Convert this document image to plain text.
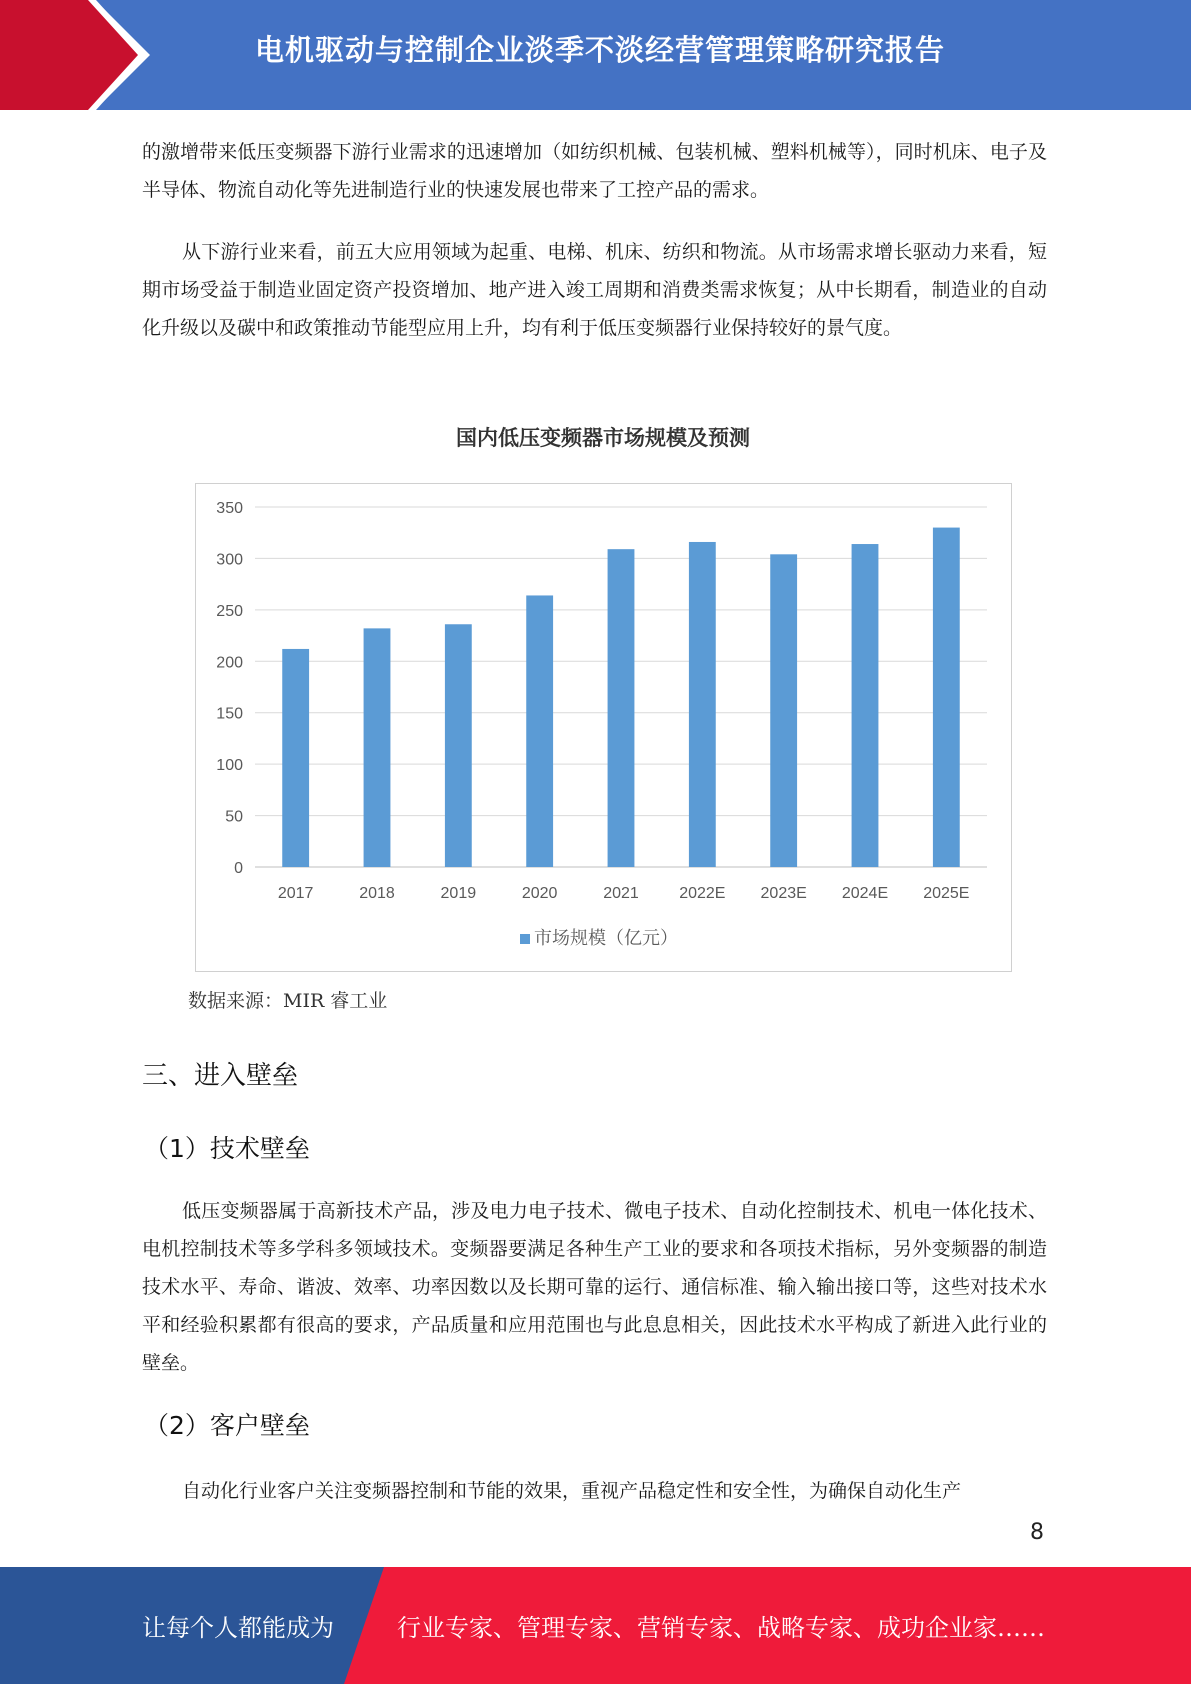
电机驱动与控制企业淡季不淡经营管理策略研究报告

的激增带来低压变频器下游行业需求的迅速增加（如纺织机械、包装机械、塑料机械等），同时机床、电子及半导体、物流自动化等先进制造行业的快速发展也带来了工控产品的需求。

从下游行业来看，前五大应用领域为起重、电梯、机床、纺织和物流。从市场需求增长驱动力来看，短期市场受益于制造业固定资产投资增加、地产进入竣工周期和消费类需求恢复；从中长期看，制造业的自动化升级以及碳中和政策推动节能型应用上升，均有利于低压变频器行业保持较好的景气度。

国内低压变频器市场规模及预测
0
50
100
150
200
250
300
350
2017	2018	2019	2020	2021	2022E 2023E 2024E 2025E
市场规模（亿元）
数据来源：MIR 睿工业
三、进入壁垒
（1）技术壁垒

低压变频器属于高新技术产品，涉及电力电子技术、微电子技术、自动化控制技术、机电一体化技术、电机控制技术等多学科多领域技术。变频器要满足各种生产工业的要求和各项技术指标，另外变频器的制造技术水平、寿命、谐波、效率、功率因数以及长期可靠的运行、通信标准、输入输出接口等，这些对技术水平和经验积累都有很高的要求，产品质量和应用范围也与此息息相关，因此技术水平构成了新进入此行业的壁垒。

（2）客户壁垒

自动化行业客户关注变频器控制和节能的效果，重视产品稳定性和安全性，为确保自动化生产

8
让每个人都能成为	行业专家、管理专家、营销专家、战略专家、成功企业家……
